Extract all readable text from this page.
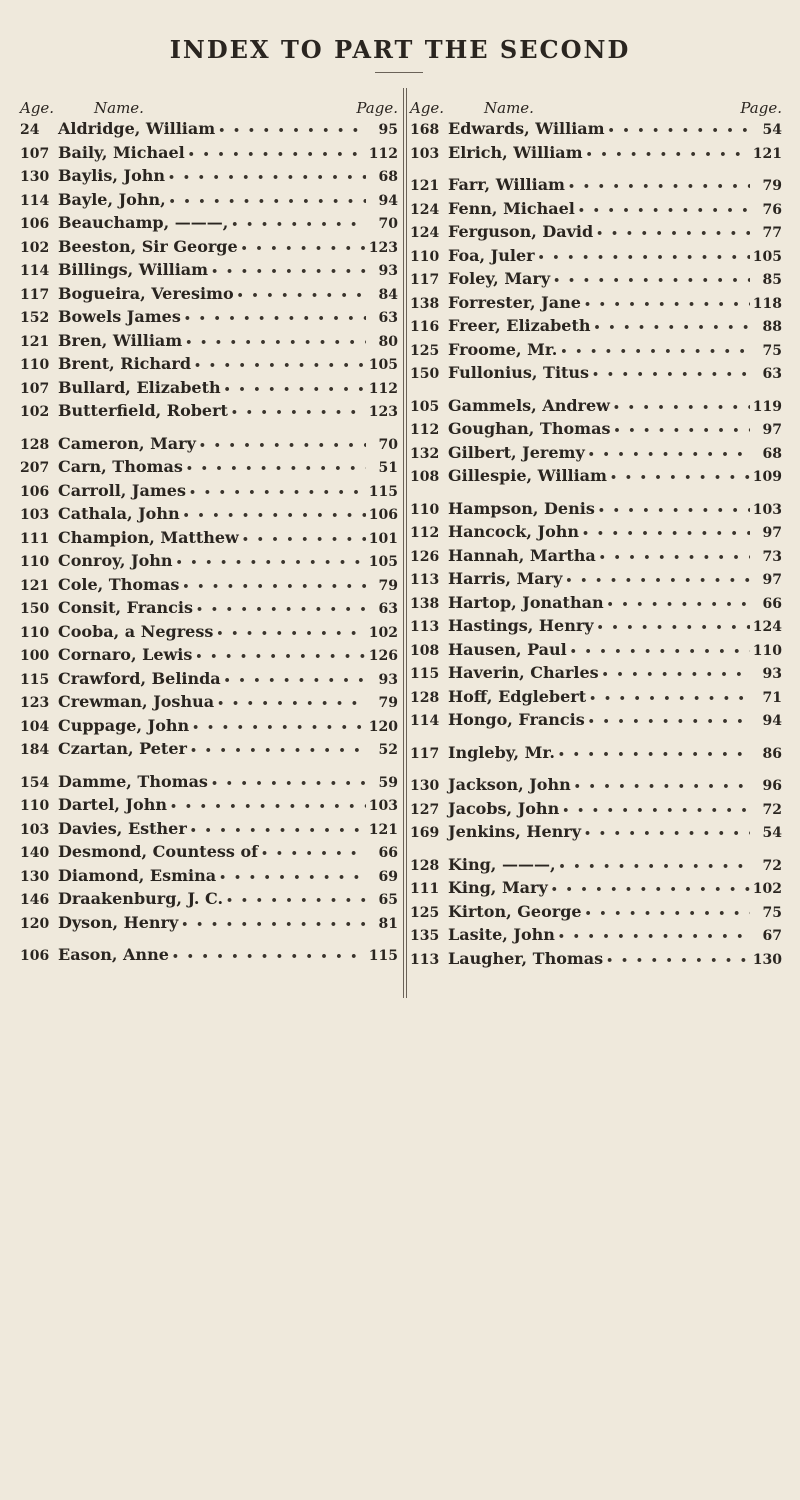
INDEX TO PART THE SECOND
Age.	Name.	Page.
24	Aldridge, William • • •	95
107 Baily, Michael • • •	112
130 Baylis, John • • •	68
114 Bayle, John, • • •	94
106 Beauchamp, ———, • • •	70
102 Beeston, Sir George • • •	123
114 Billings, William • • •	93
117 Bogueira, Veresimo • • •	84
152 Bowels James • • •	63
121 Bren, William • • •	80
110 Brent, Richard • • •	105
107 Bullard, Elizabeth • • •	112
102 Butterfield, Robert • • •	123
128 Cameron, Mary • • •	70
207 Carn, Thomas • • •	51
106 Carroll, James • • •	115
103 Cathala, John • • •	106
111 Champion, Matthew • • •	101
110 Conroy, John • • •	105
121 Cole, Thomas • • •	79
150 Consit, Francis • • •	63
110 Cooba, a Negress • • •	102
100 Cornaro, Lewis • • •	126
115 Crawford, Belinda • • •	93
123 Crewman, Joshua • • •	79
104 Cuppage, John • • •	120
184 Czartan, Peter • • •	52
154 Damme, Thomas • • •	59
110 Dartel, John • • •	103
103 Davies, Esther • • •	121
140 Desmond, Countess of • • •	66
130 Diamond, Esmina • • •	69
146 Draakenburg, J. C. • • •	65
120 Dyson, Henry • • •	81
106 Eason, Anne • • •	115
Age.	Name.	Page.
168 Edwards, William • • •	54
103 Elrich, William • • •	121
121 Farr, William • • •	79
124 Fenn, Michael • • •	76
124 Ferguson, David • • •	77
110 Foa, Juler • • •	105
117 Foley, Mary • • •	85
138 Forrester, Jane • • •	118
116 Freer, Elizabeth • • •	88
125 Froome, Mr. • • •	75
150 Fullonius, Titus • • •	63
105 Gammels, Andrew • • •	119
112 Goughan, Thomas • • •	97
132 Gilbert, Jeremy • • •	68
108 Gillespie, William • • •	109
110 Hampson, Denis • • •	103
112 Hancock, John • • •	97
126 Hannah, Martha • • •	73
113 Harris, Mary • • •	97
138 Hartop, Jonathan • • •	66
113 Hastings, Henry • • •	124
108 Hausen, Paul • • •	110
115 Haverin, Charles • • •	93
128 Hoff, Edglebert • • •	71
114 Hongo, Francis • • •	94
117 Ingleby, Mr. • • •	86
130 Jackson, John • • •	96
127 Jacobs, John • • •	72
169 Jenkins, Henry • • •	54
128 King, ———, • • •	72
111 King, Mary • • •	102
125 Kirton, George • • •	75
135 Lasite, John • • •	67
113 Laugher, Thomas • • •	130
